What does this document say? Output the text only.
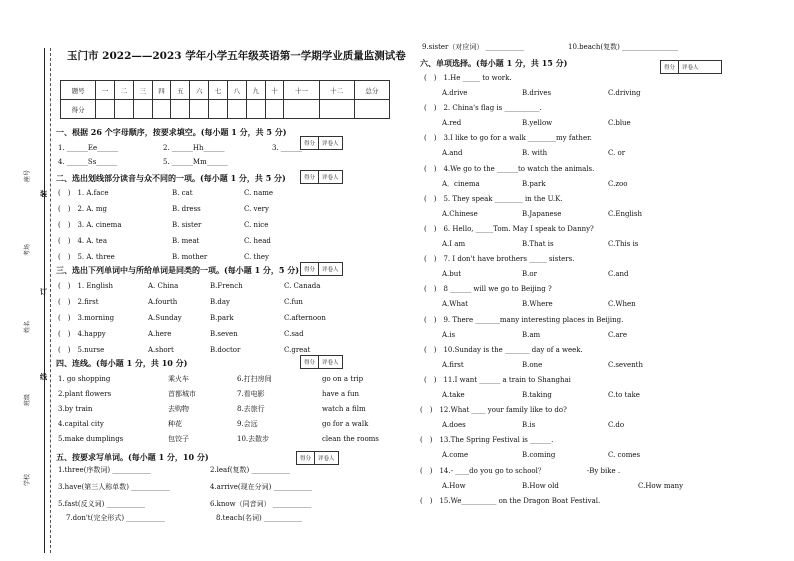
座号
考场
姓名
班级
学校
装
订
线
玉门市 2022——2023 学年小学五年级英语第一学期学业质量监测试卷
题号	一	二	三	四	五	六	七	八	九	十	十一	十二	总分
得分													
得分	评卷人
得分	评卷人
得分	评卷人
得分	评卷人
得分	评卷人
得分	评卷人
一、根据 26 个字母顺序，按要求填空。(每小题 1 分，共 5 分)
1. ______Ee______	2. ______Hh______	3. ______
4. ______Ss______	5. ______Mm______
二、选出划线部分读音与众不同的一项。(每小题 1 分，共 5 分)
(　)　1. A.face	B. cat	C. name
(　)　2. A. mg	B. dress	C. very
(　)　3. A. cinema	B. sister	C. nice
(　)　4. A. tea	B. meat	C. head
(　)　5. A. three	B. mother	C. they
三、选出下列单词中与所给单词是同类的一项。(每小题 1 分，5 分)
(　)　1. English	A. China	B.French	C. Canada
(　)　2.first	A.fourth	B.day	C.fun
(　)　3.morning	A.Sunday	B.park	C.afternoon
(　)　4.happy	A.here	B.seven	C.sad
(　)　5.nurse	A.short	B.doctor	C.great
四、连线。(每小题 1 分，共 10 分)
1. go shopping	乘火车	6.打扫房间	go on a trip
2.plant flowers	首都城市	7.看电影	have a fun
3.by train	去购物	8.去旅行	watch a film
4.capital city	种花	9.会远	go for a walk
5.make dumplings	包饺子	10.去散步	clean the rooms
五、按要求写单词。(每小题 1 分，10 分)
1.three(序数词) ___________	2.leaf(复数) ___________
3.have(第三人称单数) ___________	4.arrive(现在分词) ___________
5.fast(反义词) ___________	6.know（同音词） ___________
7.don't(完全形式) ___________	8.teach(名词) ___________
9.sister（对应词） ___________	10.beach(复数) ________________
六、单项选择。(每小题 1 分，共 15 分)
(　)　1.He _____ to work.
A.drive	B.drives	C.driving
(　)　2. China's flag is __________.
A.red	B.yellow	C.blue
(　)　3.I like to go for a walk ________my father.
A.and	B. with	C. or
(　)　4.We go to the ______to watch the animals.
A．cinema	B.park	C.zoo
(　)　5. They speak ________ in the U.K.
A.Chinese	B.Japanese	C.English
(　)　6. Hello, _____Tom. May I speak to Danny?
A.I am	B.That is	C.This is
(　)　7. I don't have brothers _____ sisters.
A.but	B.or	C.and
(　)　8 ______ will we go to Beijing ?
A.What	B.Where	C.When
(　)　9. There _______many interesting places in Beijing.
A.is	B.am	C.are
(　)　10.Sunday is the _______ day of a week.
A.first	B.one	C.seventh
(　)　11.I want ______ a train to Shanghai
A.take	B.taking	C.to take
(　)　12.What ____ your family like to do?
A.does	B.is	C.do
(　)　13.The Spring Festival is ______.
A.come	B.coming	C. comes
(　)　14.- ____do you go to school？　　　　　　-By bike .
A.How	B.How old	C.How many
(　)　15.We__________ on the Dragon Boat Festival.
